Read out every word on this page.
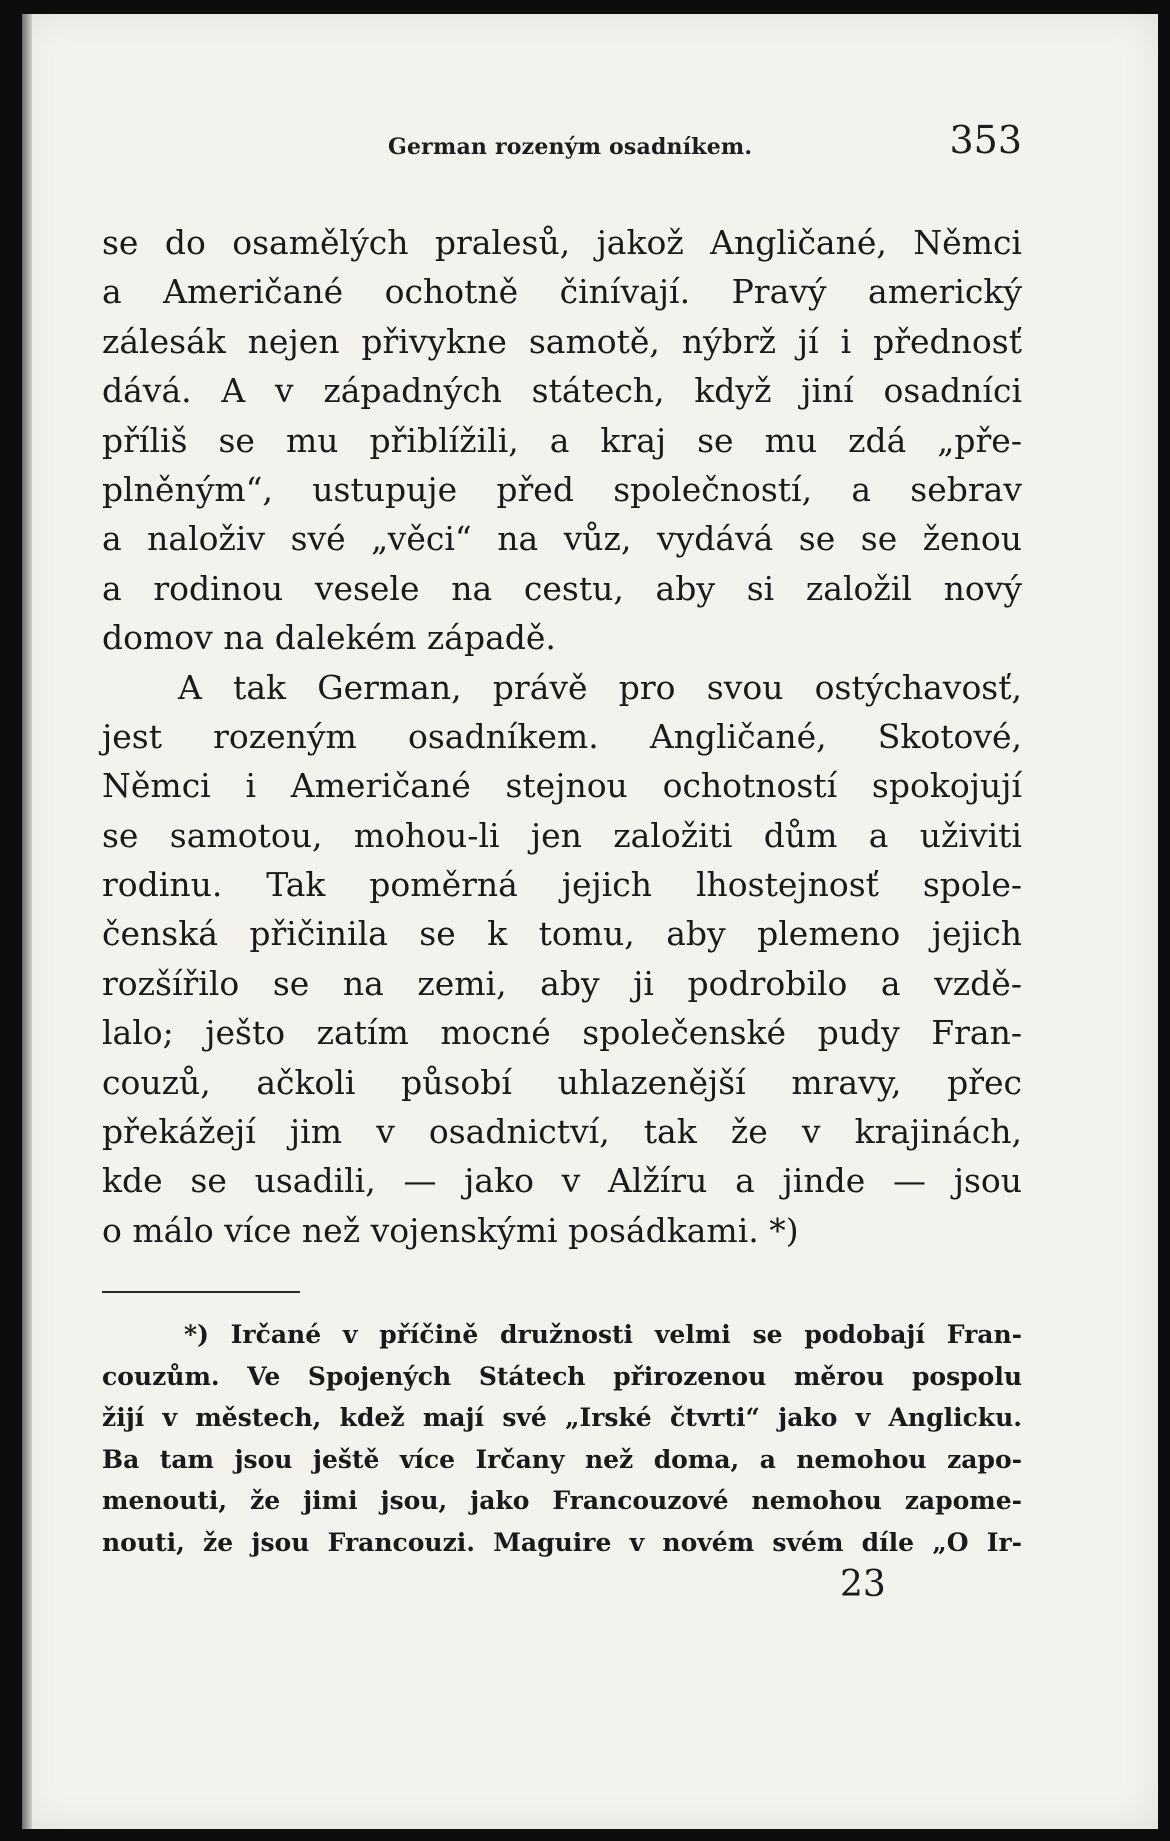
German rozeným osadníkem.	353
se do osamělých pralesů, jakož Angličané, Němci
a Američané ochotně činívají. Pravý americký
zálesák nejen přivykne samotě, nýbrž jí i přednosť
dává. A v západných státech, když jiní osadníci
příliš se mu přiblížili, a kraj se mu zdá „pře-
plněným“, ustupuje před společností, a sebrav
a naloživ své „věci“ na vůz, vydává se se ženou
a rodinou vesele na cestu, aby si založil nový
domov na dalekém západě.
A tak German, právě pro svou ostýchavosť,
jest rozeným osadníkem. Angličané, Skotové,
Němci i Američané stejnou ochotností spokojují
se samotou, mohou-li jen založiti dům a uživiti
rodinu. Tak poměrná jejich lhostejnosť spole-
čenská přičinila se k tomu, aby plemeno jejich
rozšířilo se na zemi, aby ji podrobilo a vzdě-
lalo; ješto zatím mocné společenské pudy Fran-
couzů, ačkoli působí uhlazenější mravy, přec
překážejí jim v osadnictví, tak že v krajinách,
kde se usadili, — jako v Alžíru a jinde — jsou
o málo více než vojenskými posádkami. *)
*) Irčané v příčině družnosti velmi se podobají Fran-
couzům. Ve Spojených Státech přirozenou měrou pospolu
žijí v městech, kdež mají své „Irské čtvrti“ jako v Anglicku.
Ba tam jsou ještě více Irčany než doma, a nemohou zapo-
menouti, že jimi jsou, jako Francouzové nemohou zapome-
nouti, že jsou Francouzi. Maguire v novém svém díle „O Ir-
23
